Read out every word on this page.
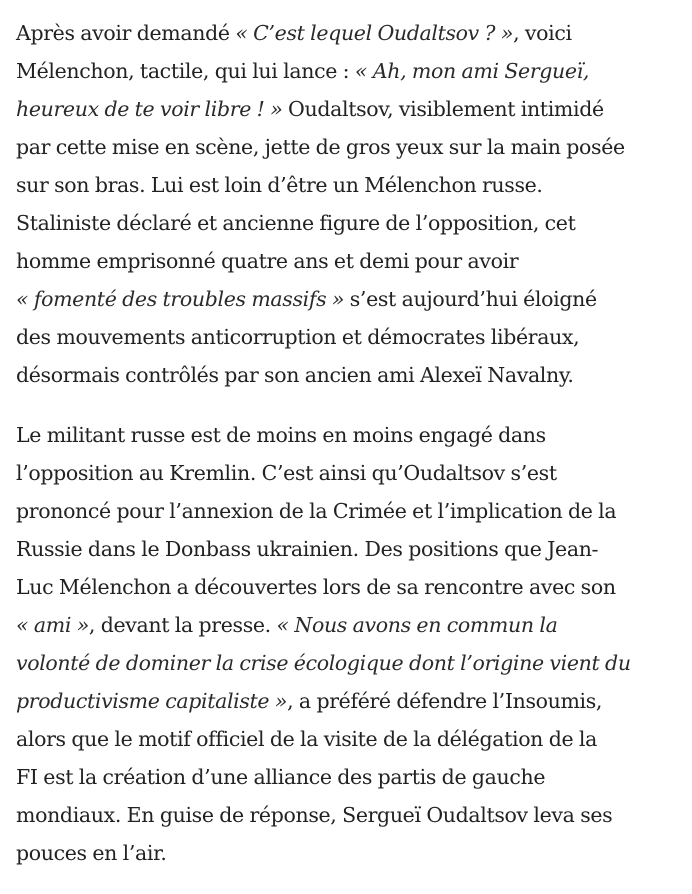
Après avoir demandé « C’est lequel Oudaltsov ? », voici
Mélenchon, tactile, qui lui lance : « Ah, mon ami Sergueï,
heureux de te voir libre ! » Oudaltsov, visiblement intimidé
par cette mise en scène, jette de gros yeux sur la main posée
sur son bras. Lui est loin d’être un Mélenchon russe.
Staliniste déclaré et ancienne figure de l’opposition, cet
homme emprisonné quatre ans et demi pour avoir
« fomenté des troubles massifs » s’est aujourd’hui éloigné
des mouvements anticorruption et démocrates libéraux,
désormais contrôlés par son ancien ami Alexeï Navalny.

Le militant russe est de moins en moins engagé dans
l’opposition au Kremlin. C’est ainsi qu’Oudaltsov s’est
prononcé pour l’annexion de la Crimée et l’implication de la
Russie dans le Donbass ukrainien. Des positions que Jean-
Luc Mélenchon a découvertes lors de sa rencontre avec son
« ami », devant la presse. « Nous avons en commun la
volonté de dominer la crise écologique dont l’origine vient du
productivisme capitaliste », a préféré défendre l’Insoumis,
alors que le motif officiel de la visite de la délégation de la
FI est la création d’une alliance des partis de gauche
mondiaux. En guise de réponse, Sergueï Oudaltsov leva ses
pouces en l’air.
